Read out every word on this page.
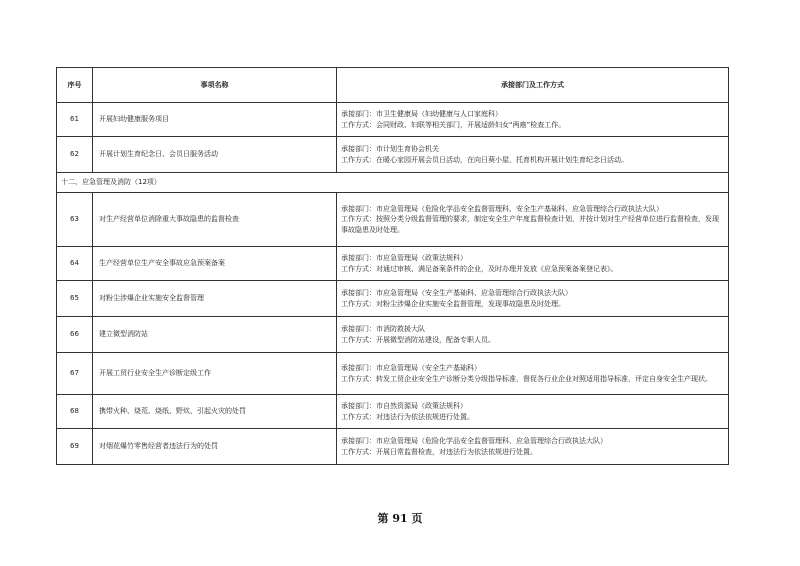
序号	事项名称	承接部门及工作方式
61	开展妇幼健康服务项目	承接部门：市卫生健康局（妇幼健康与人口家庭科）
工作方式：会同财政、妇联等相关部门，开展适龄妇女“两癌”检查工作。

62	开展计划生育纪念日、会员日服务活动	承接部门：市计划生育协会机关
工作方式：在暖心家园开展会员日活动，在向日葵小屋、托育机构开展计划生育纪念日活动。

十二、应急管理及消防（12项）		
63	对生产经营单位消除重大事故隐患的监督检查	承接部门：市应急管理局（危险化学品安全监督管理科、安全生产基础科、应急管理综合行政执法大队）
工作方式：按照分类分级监督管理的要求，制定安全生产年度监督检查计划，并按计划对生产经营单位进行监督检查，发现事故隐患及时处理。

64	生产经营单位生产安全事故应急预案备案	承接部门：市应急管理局（政策法规科）
工作方式：对通过审核、满足备案条件的企业，及时办理并发放《应急预案备案登记表》。

65	对粉尘涉爆企业实施安全监督管理	承接部门：市应急管理局（安全生产基础科、应急管理综合行政执法大队）
工作方式：对粉尘涉爆企业实施安全监督管理，发现事故隐患及时处理。

66	建立微型消防站	承接部门：市消防救援大队
工作方式：开展微型消防站建设，配备专职人员。

67	开展工贸行业安全生产诊断定级工作	承接部门：市应急管理局（安全生产基础科）
工作方式：转发工贸企业安全生产诊断分类分级指导标准，督促各行业企业对照适用指导标准，评定自身安全生产现状。

68	携带火种、烧荒、烧纸、野炊，引起火灾的处罚	承接部门：市自然资源局（政策法规科）
工作方式：对违法行为依法依规进行处置。

69	对烟花爆竹零售经营者违法行为的处罚	承接部门：市应急管理局（危险化学品安全监督管理科、应急管理综合行政执法大队）
工作方式：开展日常监督检查，对违法行为依法依规进行处置。
第 91 页
